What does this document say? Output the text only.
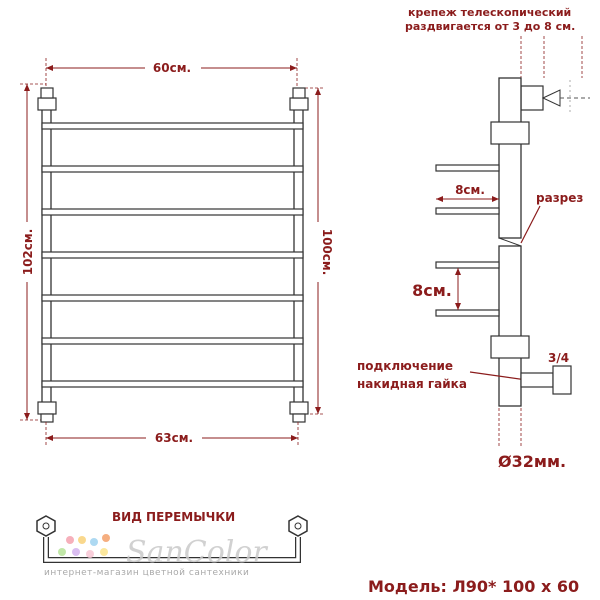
60см.
102см.	100см.
63см.
крепеж телескопический
раздвигается от 3 до 8 см.
8см.
8см.
разрез
подключение
накидная гайка
3/4
Ø32мм.
ВИД ПЕРЕМЫЧКИ
SanColor
интернет-магазин цветной сантехники
Модель: Л90* 100 х 60
